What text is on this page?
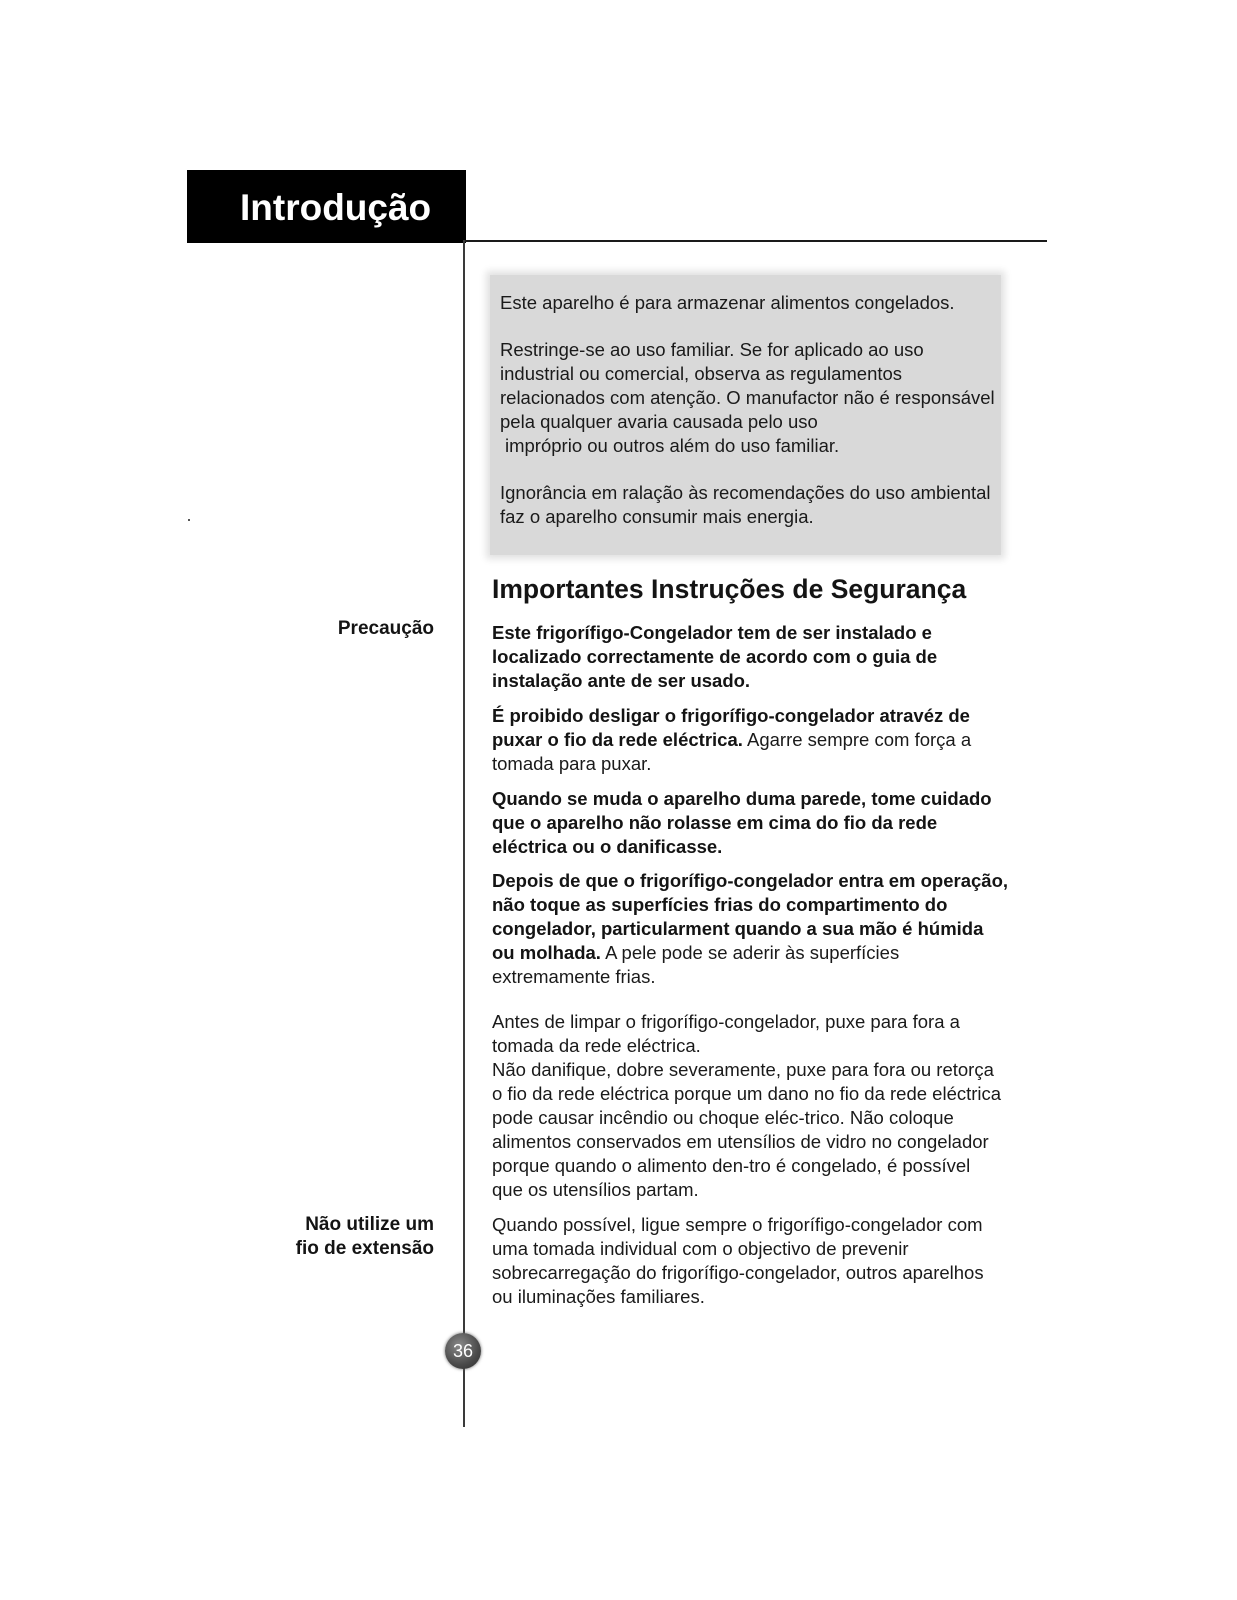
Introdução

Este aparelho é para armazenar alimentos congelados.

Restringe-se ao uso familiar. Se for aplicado ao uso industrial ou comercial, observa as regulamentos relacionados com atenção. O manufactor não é responsável pela qualquer avaria causada pelo uso
impróprio ou outros além do uso familiar.

Ignorância em ralação às recomendações do uso ambiental faz o aparelho consumir mais energia.

Importantes Instruções de Segurança
Precaução	Este frigorífigo-Congelador tem de ser instalado e localizado correctamente de acordo com o guia de instalação ante de ser usado.

É proibido desligar o frigorífigo-congelador atravéz de puxar o fio da rede eléctrica. Agarre sempre com força a tomada para puxar.

Quando se muda o aparelho duma parede, tome cuidado que o aparelho não rolasse em cima do fio da rede eléctrica ou o danificasse.

Depois de que o frigorífigo-congelador entra em operação, não toque as superfícies frias do compartimento do congelador, particularment quando a sua mão é húmida ou molhada. A pele pode se aderir às superfícies extremamente frias.

Antes de limpar o frigorífigo-congelador, puxe para fora a tomada da rede eléctrica.
Não danifique, dobre severamente, puxe para fora ou retorça o fio da rede eléctrica porque um dano no fio da rede eléctrica pode causar incêndio ou choque eléc-trico. Não coloque alimentos conservados em utensílios de vidro no congelador porque quando o alimento den-tro é congelado, é possível que os utensílios partam.

Não utilize um
fio de extensão

Quando possível, ligue sempre o frigorífigo-congelador com uma tomada individual com o objectivo de prevenir sobrecarregação do frigorífigo-congelador, outros aparelhos ou iluminações familiares.

36
